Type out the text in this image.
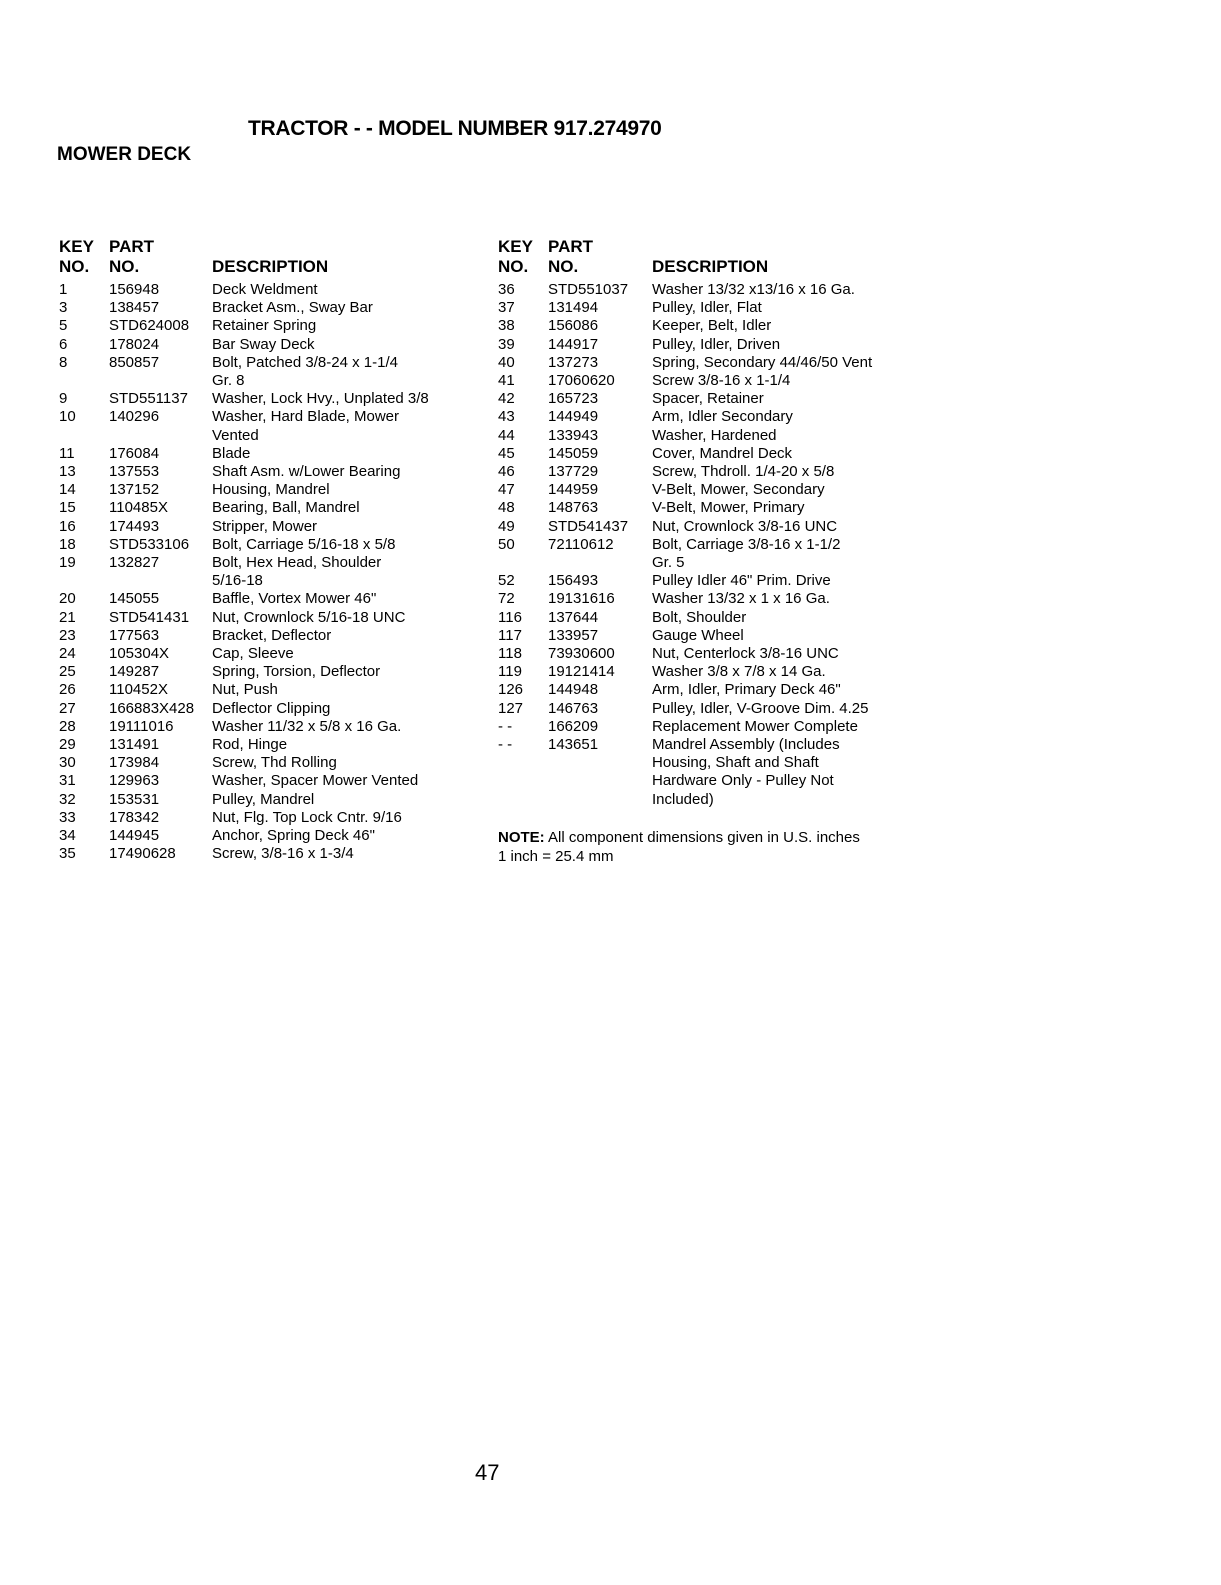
TRACTOR - - MODEL NUMBER 917.274970
MOWER DECK
KEY
NO.
PART
NO.	DESCRIPTION
1	156948	Deck Weldment
3	138457	Bracket Asm., Sway Bar
5	STD624008	Retainer Spring
6	178024	Bar Sway Deck
8	850857	Bolt, Patched 3/8-24 x 1-1/4
Gr. 8
9	STD551137	Washer, Lock Hvy., Unplated 3/8
10	140296	Washer, Hard Blade, Mower
Vented
11	176084	Blade
13	137553	Shaft Asm. w/Lower Bearing
14	137152	Housing, Mandrel
15	110485X	Bearing, Ball, Mandrel
16	174493	Stripper, Mower
18	STD533106	Bolt, Carriage 5/16-18 x 5/8
19	132827	Bolt, Hex Head, Shoulder
5/16-18
20	145055	Baffle, Vortex Mower 46"
21	STD541431	Nut, Crownlock 5/16-18 UNC
23	177563	Bracket, Deflector
24	105304X	Cap, Sleeve
25	149287	Spring, Torsion, Deflector
26	110452X	Nut, Push
27	166883X428	Deflector Clipping
28	19111016	Washer 11/32 x 5/8 x 16 Ga.
29	131491	Rod, Hinge
30	173984	Screw, Thd Rolling
31	129963	Washer, Spacer Mower Vented
32	153531	Pulley, Mandrel
33	178342	Nut, Flg. Top Lock Cntr. 9/16
34	144945	Anchor, Spring Deck 46"
35	17490628	Screw, 3/8-16 x 1-3/4
KEY
NO.
PART
NO.	DESCRIPTION
36	STD551037	Washer 13/32 x13/16 x 16 Ga.
37	131494	Pulley, Idler, Flat
38	156086	Keeper, Belt, Idler
39	144917	Pulley, Idler, Driven
40	137273	Spring, Secondary 44/46/50 Vent
41	17060620	Screw 3/8-16 x 1-1/4
42	165723	Spacer, Retainer
43	144949	Arm, Idler Secondary
44	133943	Washer, Hardened
45	145059	Cover, Mandrel Deck
46	137729	Screw, Thdroll. 1/4-20 x 5/8
47	144959	V-Belt, Mower, Secondary
48	148763	V-Belt, Mower, Primary
49	STD541437	Nut, Crownlock 3/8-16 UNC
50	72110612	Bolt, Carriage 3/8-16 x 1-1/2
Gr. 5
52	156493	Pulley Idler 46" Prim. Drive
72	19131616	Washer 13/32 x 1 x 16 Ga.
116	137644	Bolt, Shoulder
117	133957	Gauge Wheel
118	73930600	Nut, Centerlock 3/8-16 UNC
119	19121414	Washer 3/8 x 7/8 x 14 Ga.
126	144948	Arm, Idler, Primary Deck 46"
127	146763	Pulley, Idler, V-Groove Dim. 4.25
- -	166209	Replacement Mower Complete
- -	143651	Mandrel Assembly (Includes
Housing, Shaft and Shaft
Hardware Only - Pulley Not
Included)
NOTE: All component dimensions given in U.S. inches
1 inch = 25.4 mm
47
